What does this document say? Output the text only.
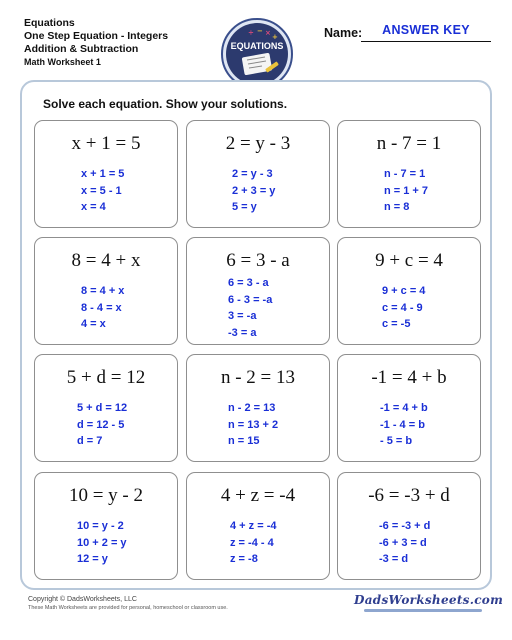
Equations
One Step Equation - Integers
Addition & Subtraction
Math Worksheet 1
÷ − × +
EQUATIONS
Name:	ANSWER KEY
Solve each equation. Show your solutions.
x + 1 = 5
x + 1 = 5
x = 5 - 1
x = 4
2 = y - 3
2 = y - 3
2 + 3 = y
5 = y
n - 7 = 1
n - 7 = 1
n = 1 + 7
n = 8
8 = 4 + x
8 = 4 + x
8 - 4 = x
4 = x
6 = 3 - a
6 = 3 - a
6 - 3 = -a
3 = -a
-3 = a
9 + c = 4
9 + c = 4
c = 4 - 9
c = -5
5 + d = 12
5 + d = 12
d = 12 - 5
d = 7
n - 2 = 13
n - 2 = 13
n = 13 + 2
n = 15
-1 = 4 + b
-1 = 4 + b
-1 - 4 = b
- 5 = b
10 = y - 2
10 = y - 2
10 + 2 = y
12 = y
4 + z = -4
4 + z = -4
z = -4 - 4
z = -8
-6 = -3 + d
-6 = -3 + d
-6 + 3 = d
-3 = d
Copyright © DadsWorksheets, LLC
These Math Worksheets are provided for personal, homeschool or classroom use.
DadsWorksheets.com
